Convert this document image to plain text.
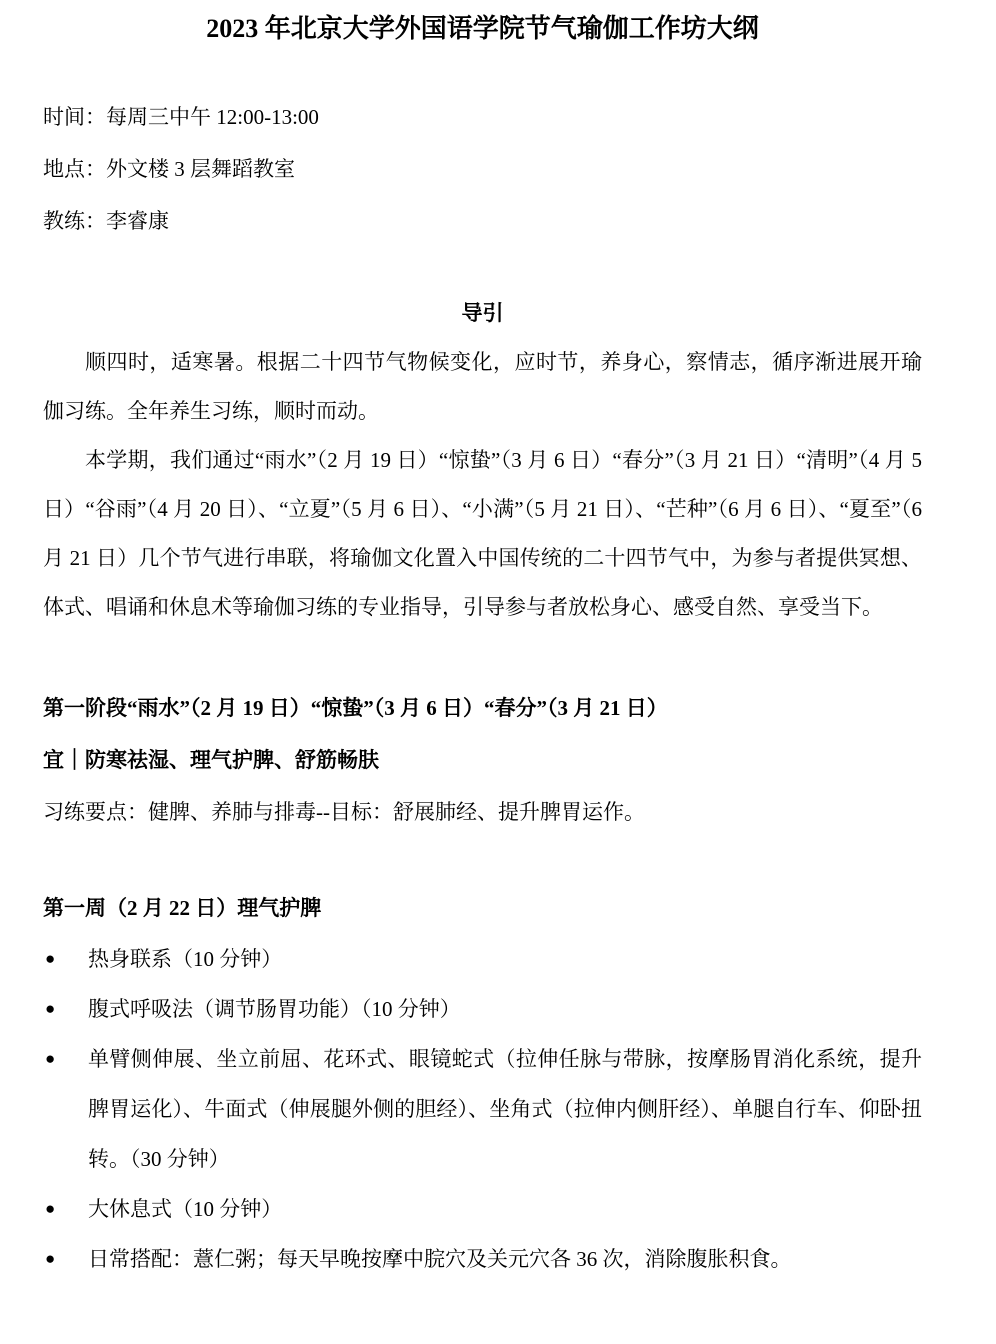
2023 年北京大学外国语学院节气瑜伽工作坊大纲
时间：每周三中午 12:00-13:00
地点：外文楼 3 层舞蹈教室
教练：李睿康
导引

顺四时，适寒暑。根据二十四节气物候变化，应时节，养身心，察情志，循序渐进展开瑜伽习练。全年养生习练，顺时而动。

本学期，我们通过“雨水”（2 月 19 日）“惊蛰”（3 月 6 日）“春分”（3 月 21 日）“清明”（4 月 5 日）“谷雨”（4 月 20 日）、“立夏”（5 月 6 日）、“小满”（5 月 21 日）、“芒种”（6 月 6 日）、“夏至”（6 月 21 日）几个节气进行串联，将瑜伽文化置入中国传统的二十四节气中，为参与者提供冥想、体式、唱诵和休息术等瑜伽习练的专业指导，引导参与者放松身心、感受自然、享受当下。

第一阶段“雨水”（2 月 19 日）“惊蛰”（3 月 6 日）“春分”（3 月 21 日）
宜｜防寒祛湿、理气护脾、舒筋畅肤
习练要点：健脾、养肺与排毒--目标：舒展肺经、提升脾胃运作。
第一周（2 月 22 日）理气护脾
●	热身联系（10 分钟）
●	腹式呼吸法（调节肠胃功能）（10 分钟）
●	单臂侧伸展、坐立前屈、花环式、眼镜蛇式（拉伸任脉与带脉，按摩肠胃消化系统，提升脾胃运化）、牛面式（伸展腿外侧的胆经）、坐角式（拉伸内侧肝经）、单腿自行车、仰卧扭转。（30 分钟）
●	大休息式（10 分钟）
●	日常搭配：薏仁粥；每天早晚按摩中脘穴及关元穴各 36 次，消除腹胀积食。
